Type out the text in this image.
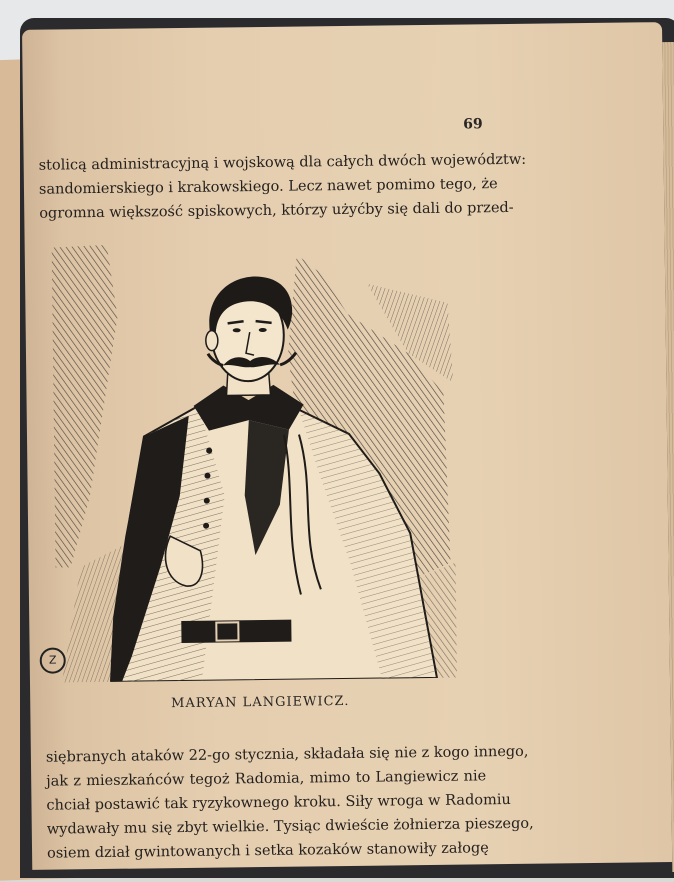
69

stolicą administracyjną i wojskową dla całych dwóch województw:
sandomierskiego i krakowskiego. Lecz nawet pomimo tego, że
ogromna większość spiskowych, którzy użyćby się dali do przed-

Z
MARYAN LANGIEWICZ.

siębranych ataków 22-go stycznia, składała się nie z kogo innego,
jak z mieszkańców tegoż Radomia, mimo to Langiewicz nie
chciał postawić tak ryzykownego kroku. Siły wroga w Radomiu
wydawały mu się zbyt wielkie. Tysiąc dwieście żołnierza pieszego,
osiem dział gwintowanych i setka kozaków stanowiły załogę
